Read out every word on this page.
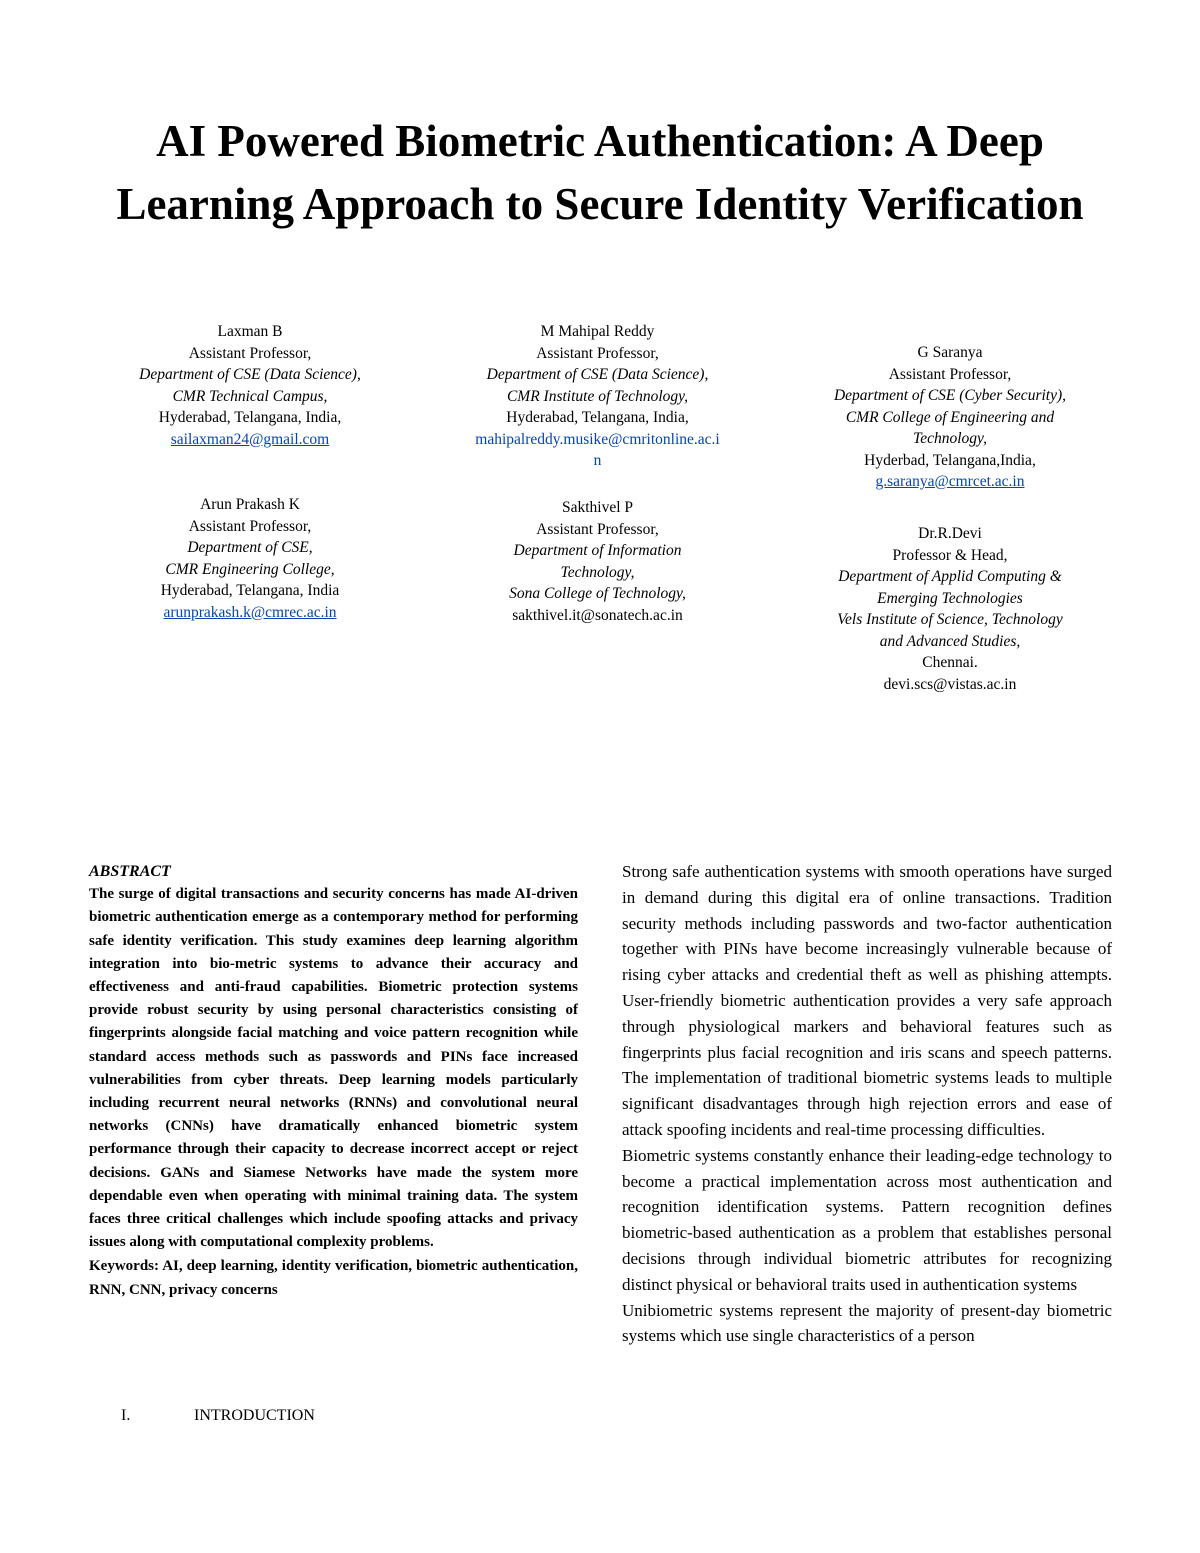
AI Powered Biometric Authentication: A Deep Learning Approach to Secure Identity Verification
Laxman B
Assistant Professor,
Department of CSE (Data Science),
CMR Technical Campus,
Hyderabad, Telangana, India,
sailaxman24@gmail.com
M Mahipal Reddy
Assistant Professor,
Department of CSE (Data Science),
CMR Institute of Technology,
Hyderabad, Telangana, India,
mahipalreddy.musike@cmritonline.ac.i
n
G Saranya
Assistant Professor,
Department of CSE (Cyber Security),
CMR College of Engineering and
Technology,
Hyderbad, Telangana,India,
g.saranya@cmrcet.ac.in
Arun Prakash K
Assistant Professor,
Department of CSE,
CMR Engineering College,
Hyderabad, Telangana, India
arunprakash.k@cmrec.ac.in
Sakthivel P
Assistant Professor,
Department of Information
Technology,
Sona College of Technology,
sakthivel.it@sonatech.ac.in
Dr.R.Devi
Professor & Head,
Department of Applid Computing &
Emerging Technologies
Vels Institute of Science, Technology
and Advanced Studies,
Chennai.
devi.scs@vistas.ac.in
ABSTRACT
The surge of digital transactions and security concerns has made AI-driven biometric authentication emerge as a contemporary method for performing safe identity verification. This study examines deep learning algorithm integration into bio-metric systems to advance their accuracy and effectiveness and anti-fraud capabilities. Biometric protection systems provide robust security by using personal characteristics consisting of fingerprints alongside facial matching and voice pattern recognition while standard access methods such as passwords and PINs face increased vulnerabilities from cyber threats. Deep learning models particularly including recurrent neural networks (RNNs) and convolutional neural networks (CNNs) have dramatically enhanced biometric system performance through their capacity to decrease incorrect accept or reject decisions. GANs and Siamese Networks have made the system more dependable even when operating with minimal training data. The system faces three critical challenges which include spoofing attacks and privacy issues along with computational complexity problems.
Keywords: AI, deep learning, identity verification, biometric authentication, RNN, CNN, privacy concerns
I.	INTRODUCTION

Strong safe authentication systems with smooth operations have surged in demand during this digital era of online transactions. Tradition security methods including passwords and two-factor authentication together with PINs have become increasingly vulnerable because of rising cyber attacks and credential theft as well as phishing attempts. User-friendly biometric authentication provides a very safe approach through physiological markers and behavioral features such as fingerprints plus facial recognition and iris scans and speech patterns. The implementation of traditional biometric systems leads to multiple significant disadvantages through high rejection errors and ease of attack spoofing incidents and real-time processing difficulties.

Biometric systems constantly enhance their leading-edge technology to become a practical implementation across most authentication and recognition identification systems. Pattern recognition defines biometric-based authentication as a problem that establishes personal decisions through individual biometric attributes for recognizing distinct physical or behavioral traits used in authentication systems

Unibiometric systems represent the majority of present-day biometric systems which use single characteristics of a person
